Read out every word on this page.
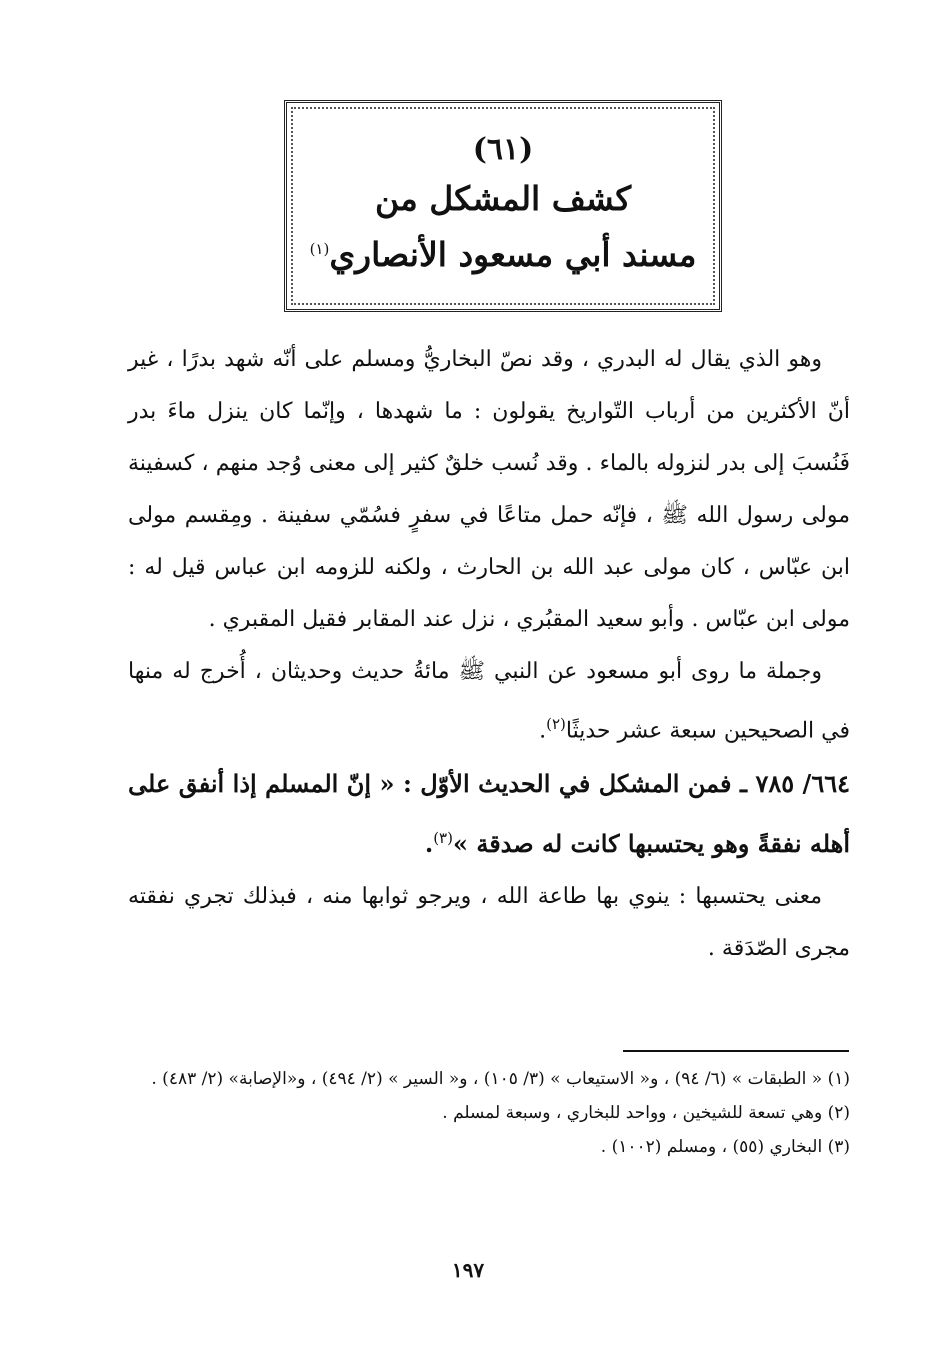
(٦١)
كشف المشكل من
مسند أبي مسعود الأنصاري$^{(١)}$

وهو الذي يقال له البدري ، وقد نصّ البخاريُّ ومسلم على أنّه شهد بدرًا ، غير أنّ الأكثرين من أرباب التّواريخ يقولون : ما شهدها ، وإنّما كان ينزل ماءَ بدر فَنُسبَ إلى بدر لنزوله بالماء . وقد نُسب خلقٌ كثير إلى معنى وُجد منهم ، كسفينة مولى رسول الله ﷺ ، فإنّه حمل متاعًا في سفرٍ فسُمّي سفينة . ومِقسم مولى ابن عبّاس ، كان مولى عبد الله بن الحارث ، ولكنه للزومه ابن عباس قيل له : مولى ابن عبّاس . وأبو سعيد المقبُري ، نزل عند المقابر فقيل المقبري .

وجملة ما روى أبو مسعود عن النبي ﷺ مائةُ حديث وحديثان ، أُخرج له منها في الصحيحين سبعة عشر حديثًا$^{(٢)}$.

٦٦٤/ ٧٨٥ ـ فمن المشكل في الحديث الأوّل : « إنّ المسلم إذا أنفق على أهله نفقةً وهو يحتسبها كانت له صدقة »$^{(٣)}$.

معنى يحتسبها : ينوي بها طاعة الله ، ويرجو ثوابها منه ، فبذلك تجري نفقته مجرى الصّدَقة .

(١) « الطبقات » (٦/ ٩٤) ، و« الاستيعاب » (٣/ ١٠٥) ، و« السير » (٢/ ٤٩٤) ، و«الإصابة» (٢/ ٤٨٣) .

(٢) وهي تسعة للشيخين ، وواحد للبخاري ، وسبعة لمسلم .

(٣) البخاري (٥٥) ، ومسلم (١٠٠٢) .

١٩٧
